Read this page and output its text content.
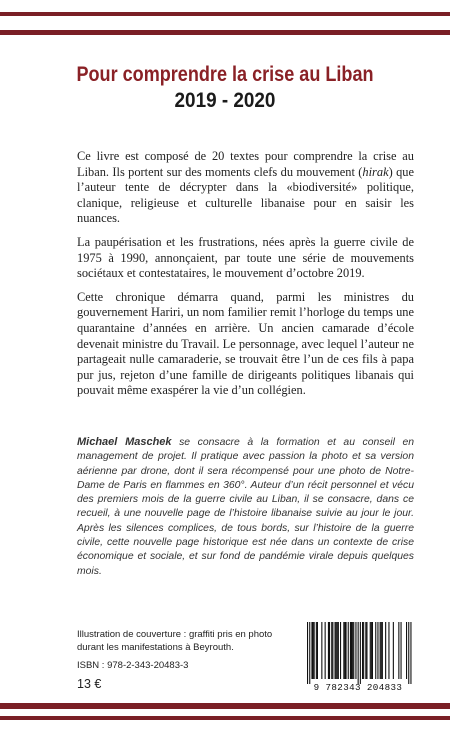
Pour comprendre la crise au Liban
2019 - 2020

Ce livre est composé de 20 textes pour comprendre la crise au Liban. Ils portent sur des moments clefs du mouvement (hirak) que l’auteur tente de décrypter dans la «biodiversité» politique, clanique, religieuse et culturelle libanaise pour en saisir les nuances.

La paupérisation et les frustrations, nées après la guerre civile de 1975 à 1990, annonçaient, par toute une série de mouvements sociétaux et contestataires, le mouvement d’octobre 2019.

Cette chronique démarra quand, parmi les ministres du gouvernement Hariri, un nom familier remit l’horloge du temps une quarantaine d’années en arrière. Un ancien camarade d’école devenait ministre du Travail. Le personnage, avec lequel l’auteur ne partageait nulle camaraderie, se trouvait être l’un de ces fils à papa pur jus, rejeton d’une famille de dirigeants politiques libanais qui pouvait même exaspérer la vie d’un collégien.

Michael Maschek se consacre à la formation et au conseil en management de projet. Il pratique avec passion la photo et sa version aérienne par drone, dont il sera récompensé pour une photo de Notre-Dame de Paris en flammes en 360°. Auteur d’un récit personnel et vécu des premiers mois de la guerre civile au Liban, il se consacre, dans ce recueil, à une nouvelle page de l’histoire libanaise suivie au jour le jour. Après les silences complices, de tous bords, sur l’histoire de la guerre civile, cette nouvelle page historique est née dans un contexte de crise économique et sociale, et sur fond de pandémie virale depuis quelques mois.
Illustration de couverture : graffiti pris en photo
durant les manifestations à Beyrouth.
ISBN : 978-2-343-20483-3
13 €	9 782343 204833
